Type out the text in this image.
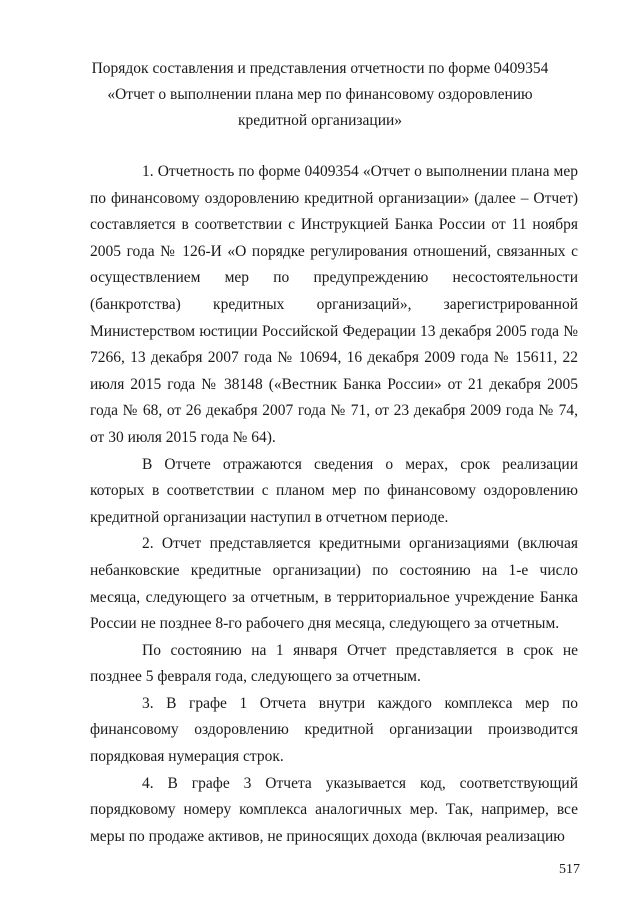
Порядок составления и представления отчетности по форме 0409354
«Отчет о выполнении плана мер по финансовому оздоровлению
кредитной организации»

1. Отчетность по форме 0409354 «Отчет о выполнении плана мер по финансовому оздоровлению кредитной организации» (далее – Отчет) составляется в соответствии с Инструкцией Банка России от 11 ноября 2005 года № 126-И «О порядке регулирования отношений, связанных с осуществлением мер по предупреждению несостоятельности (банкротства) кредитных организаций», зарегистрированной Министерством юстиции Российской Федерации 13 декабря 2005 года № 7266, 13 декабря 2007 года № 10694, 16 декабря 2009 года № 15611, 22 июля 2015 года № 38148 («Вестник Банка России» от 21 декабря 2005 года № 68, от 26 декабря 2007 года № 71, от 23 декабря 2009 года № 74, от 30 июля 2015 года № 64).

В Отчете отражаются сведения о мерах, срок реализации которых в соответствии с планом мер по финансовому оздоровлению кредитной организации наступил в отчетном периоде.

2. Отчет представляется кредитными организациями (включая небанковские кредитные организации) по состоянию на 1-е число месяца, следующего за отчетным, в территориальное учреждение Банка России не позднее 8-го рабочего дня месяца, следующего за отчетным.

По состоянию на 1 января Отчет представляется в срок не позднее 5 февраля года, следующего за отчетным.

3. В графе 1 Отчета внутри каждого комплекса мер по финансовому оздоровлению кредитной организации производится порядковая нумерация строк.

4. В графе 3 Отчета указывается код, соответствующий порядковому номеру комплекса аналогичных мер. Так, например, все меры по продаже активов, не приносящих дохода (включая реализацию

517
